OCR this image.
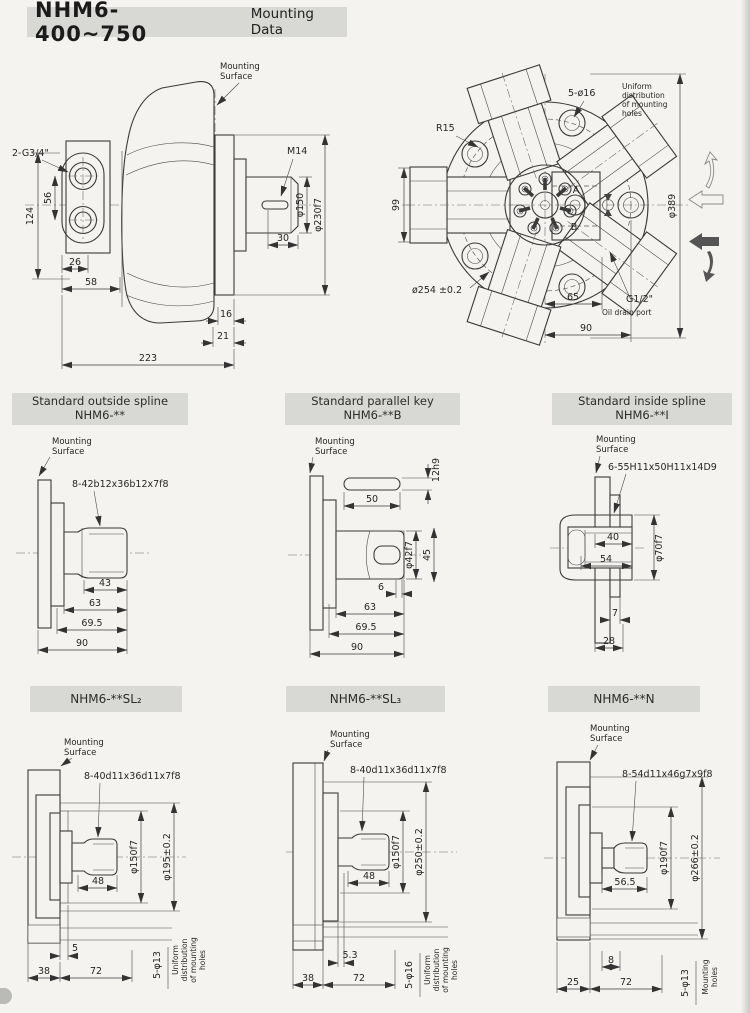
NHM6-400~750
Mounting Data
Mounting
Surface
2-G3/4"	M14
124
56	φ150 φ230f7
30
26
58
16
21
223
A
B
99
R15
5-ø16
Uniform
distribution
of mounting
holes
φ389
ø254 ±0.2
65
90
G1/2"
Oil drain port
Standard outside spline
NHM6-**
Standard parallel key
NHM6-**B
Standard inside spline
NHM6-**I
Mounting
Surface
8-42b12x36b12x7f8
43
63
69.5
90
Mounting
Surface
50
12h9
φ42f7 45
6
63
69.5
90
Mounting
Surface
6-55H11x50H11x14D9
40
54	φ70f7
7
28
NHM6-**SL₂	NHM6-**SL₃	NHM6-**N
Mounting
Surface
8-40d11x36d11x7f8
φ150f7 φ195±0.2
48
5
38	72	5-φ13 Uniform distribution of mounting holes
Mounting
Surface
8-40d11x36d11x7f8
φ150f7 φ250±0.2
48
5.3
38	72	5-φ16 Uniform distribution of mounting holes
Mounting
Surface
8-54d11x46g7x9f8
56.5
φ190f7 φ266±0.2
8
25	72	5-φ13 Mounting holes
